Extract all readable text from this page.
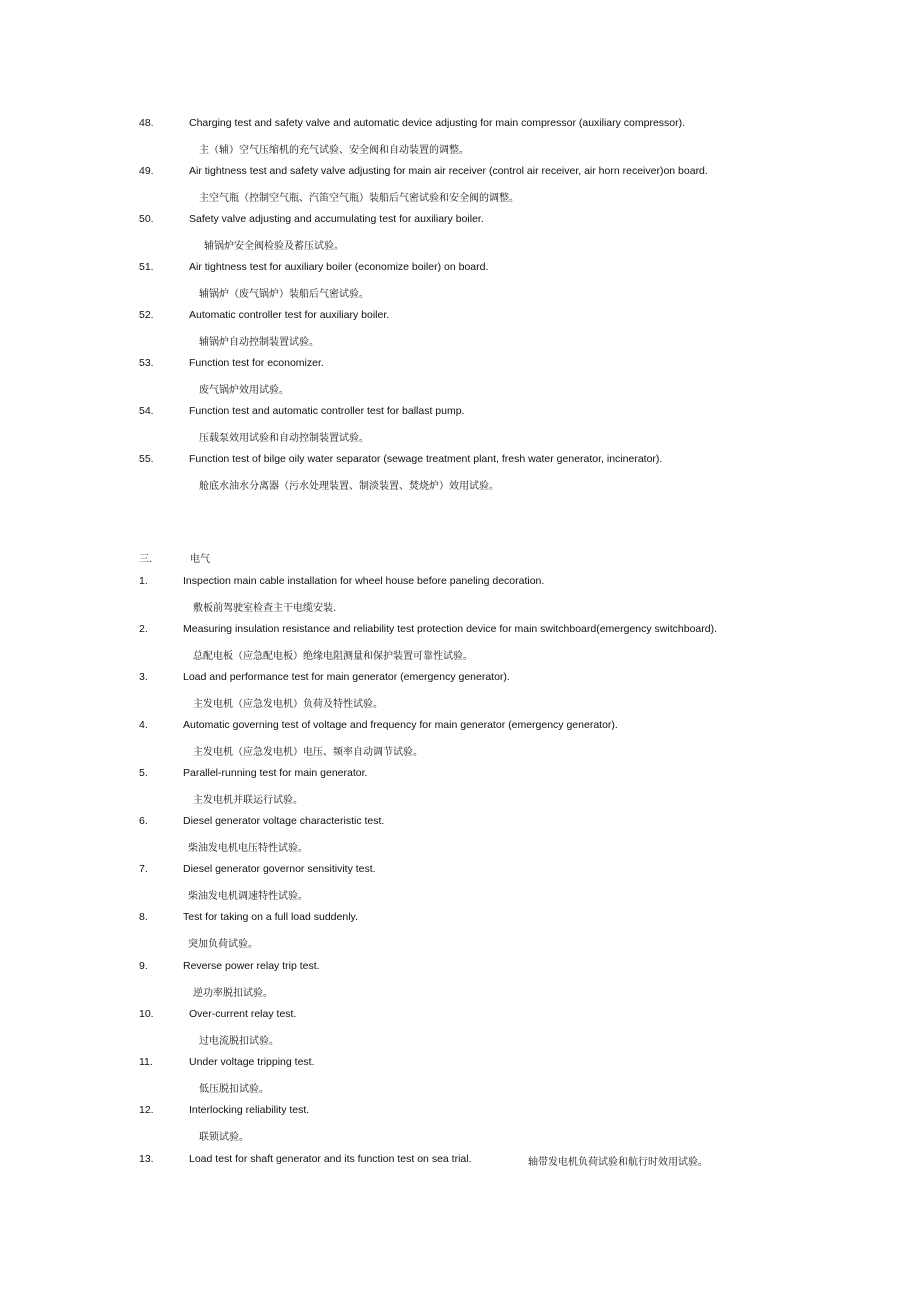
48.	Charging test and safety valve and automatic device adjusting for main compressor (auxiliary compressor).
主（辅）空气压缩机的充气试验、安全阀和自动装置的调整。
49.	Air tightness test and safety valve adjusting for main air receiver (control air receiver, air horn receiver)on board.
主空气瓶（控制空气瓶、汽笛空气瓶）装船后气密试验和安全阀的调整。
50.	Safety valve adjusting and accumulating test for auxiliary boiler.
辅锅炉安全阀检验及蓄压试验。
51.	Air tightness test for auxiliary boiler (economize boiler) on board.
辅锅炉（废气锅炉）装船后气密试验。
52.	Automatic controller test for auxiliary boiler.
辅锅炉自动控制装置试验。
53.	Function test for economizer.
废气锅炉效用试验。
54.	Function test and automatic controller test for ballast pump.
压载泵效用试验和自动控制装置试验。
55.	Function test of bilge oily water separator (sewage treatment plant, fresh water generator, incinerator).
舱底水油水分离器（污水处理装置、制淡装置、焚烧炉）效用试验。
三.	电气
1.	Inspection main cable installation for wheel house before paneling decoration.
敷板前驾驶室检查主干电缆安装.
2.	Measuring insulation resistance and reliability test protection device for main switchboard(emergency switchboard).
总配电板（应急配电板）绝缘电阻测量和保护装置可靠性试验。
3.	Load and performance test for main generator (emergency generator).
主发电机（应急发电机）负荷及特性试验。
4.	Automatic governing test of voltage and frequency for main generator (emergency generator).
主发电机（应急发电机）电压、频率自动调节试验。
5.	Parallel-running test for main generator.
主发电机并联运行试验。
6.	Diesel generator voltage characteristic test.
柴油发电机电压特性试验。
7.	Diesel generator governor sensitivity test.
柴油发电机调速特性试验。
8.	Test for taking on a full load suddenly.
突加负荷试验。
9.	Reverse power relay trip test.
逆功率脱扣试验。
10.	Over-current relay test.
过电流脱扣试验。
11.	Under voltage tripping test.
低压脱扣试验。
12.	Interlocking reliability test.
联锁试验。
13.	Load test for shaft generator and its function test on sea trial.	轴带发电机负荷试验和航行时效用试验。
